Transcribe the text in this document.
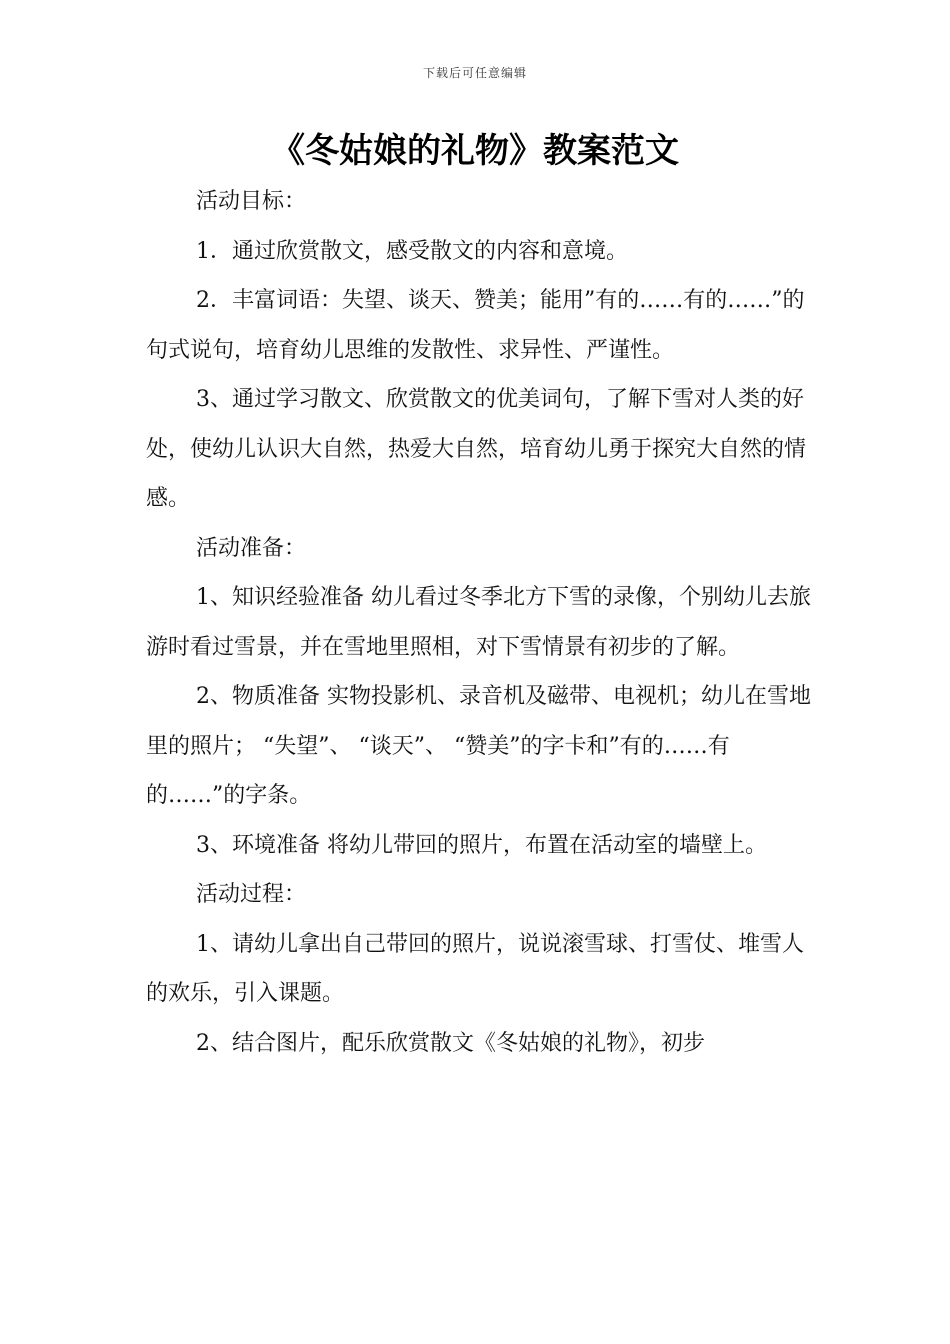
下载后可任意编辑
《冬姑娘的礼物》教案范文

活动目标：

1．通过欣赏散文，感受散文的内容和意境。

2．丰富词语：失望、谈天、赞美；能用”有的……有的……”的句式说句，培育幼儿思维的发散性、求异性、严谨性。

3、通过学习散文、欣赏散文的优美词句，了解下雪对人类的好处，使幼儿认识大自然，热爱大自然，培育幼儿勇于探究大自然的情感。

活动准备：

1、知识经验准备 幼儿看过冬季北方下雪的录像，个别幼儿去旅游时看过雪景，并在雪地里照相，对下雪情景有初步的了解。

2、物质准备 实物投影机、录音机及磁带、电视机；幼儿在雪地里的照片； “失望”、 “谈天”、 “赞美”的字卡和”有的……有的……”的字条。

3、环境准备 将幼儿带回的照片，布置在活动室的墙壁上。

活动过程：

1、请幼儿拿出自己带回的照片，说说滚雪球、打雪仗、堆雪人的欢乐，引入课题。

2、结合图片，配乐欣赏散文《冬姑娘的礼物》，初步
